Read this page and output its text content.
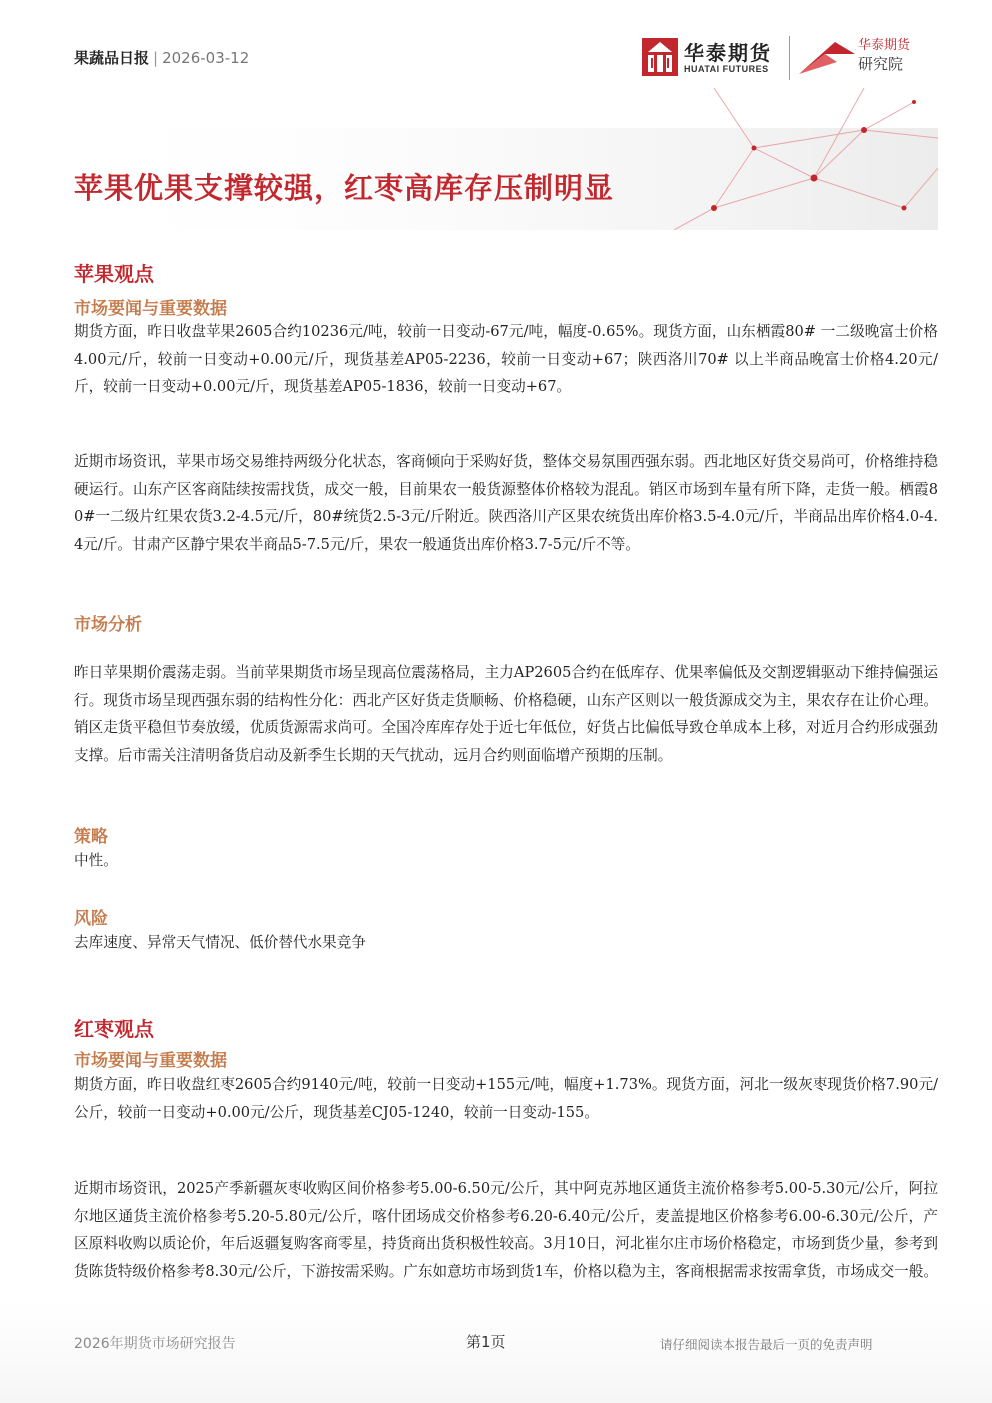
果蔬品日报 | 2026-03-12	华泰期货
HUATAI FUTURES
华泰期货
研究院
苹果优果支撑较强，红枣高库存压制明显
苹果观点
市场要闻与重要数据
期货方面，昨日收盘苹果2605合约10236元/吨，较前一日变动-67元/吨，幅度-0.65%。现货方面，山东栖霞80# 一二级晚富士价格4.00元/斤，较前一日变动+0.00元/斤，现货基差AP05-2236，较前一日变动+67；陕西洛川70# 以上半商品晚富士价格4.20元/斤，较前一日变动+0.00元/斤，现货基差AP05-1836，较前一日变动+67。
近期市场资讯，苹果市场交易维持两级分化状态，客商倾向于采购好货，整体交易氛围西强东弱。西北地区好货交易尚可，价格维持稳硬运行。山东产区客商陆续按需找货，成交一般，目前果农一般货源整体价格较为混乱。销区市场到车量有所下降，走货一般。栖霞80#一二级片红果农货3.2-4.5元/斤，80#统货2.5-3元/斤附近。陕西洛川产区果农统货出库价格3.5-4.0元/斤，半商品出库价格4.0-4.4元/斤。甘肃产区静宁果农半商品5-7.5元/斤，果农一般通货出库价格3.7-5元/斤不等。
市场分析
昨日苹果期价震荡走弱。当前苹果期货市场呈现高位震荡格局，主力AP2605合约在低库存、优果率偏低及交割逻辑驱动下维持偏强运行。现货市场呈现西强东弱的结构性分化：西北产区好货走货顺畅、价格稳硬，山东产区则以一般货源成交为主，果农存在让价心理。销区走货平稳但节奏放缓，优质货源需求尚可。全国冷库库存处于近七年低位，好货占比偏低导致仓单成本上移，对近月合约形成强劲支撑。后市需关注清明备货启动及新季生长期的天气扰动，远月合约则面临增产预期的压制。
策略
中性。
风险
去库速度、异常天气情况、低价替代水果竞争
红枣观点
市场要闻与重要数据
期货方面，昨日收盘红枣2605合约9140元/吨，较前一日变动+155元/吨，幅度+1.73%。现货方面，河北一级灰枣现货价格7.90元/公斤，较前一日变动+0.00元/公斤，现货基差CJ05-1240，较前一日变动-155。
近期市场资讯，2025产季新疆灰枣收购区间价格参考5.00-6.50元/公斤，其中阿克苏地区通货主流价格参考5.00-5.30元/公斤，阿拉尔地区通货主流价格参考5.20-5.80元/公斤，喀什团场成交价格参考6.20-6.40元/公斤，麦盖提地区价格参考6.00-6.30元/公斤，产区原料收购以质论价，年后返疆复购客商零星，持货商出货积极性较高。3月10日，河北崔尔庄市场价格稳定，市场到货少量，参考到货陈货特级价格参考8.30元/公斤，下游按需采购。广东如意坊市场到货1车，价格以稳为主，客商根据需求按需拿货，市场成交一般。
2026年期货市场研究报告	第1页	请仔细阅读本报告最后一页的免责声明
